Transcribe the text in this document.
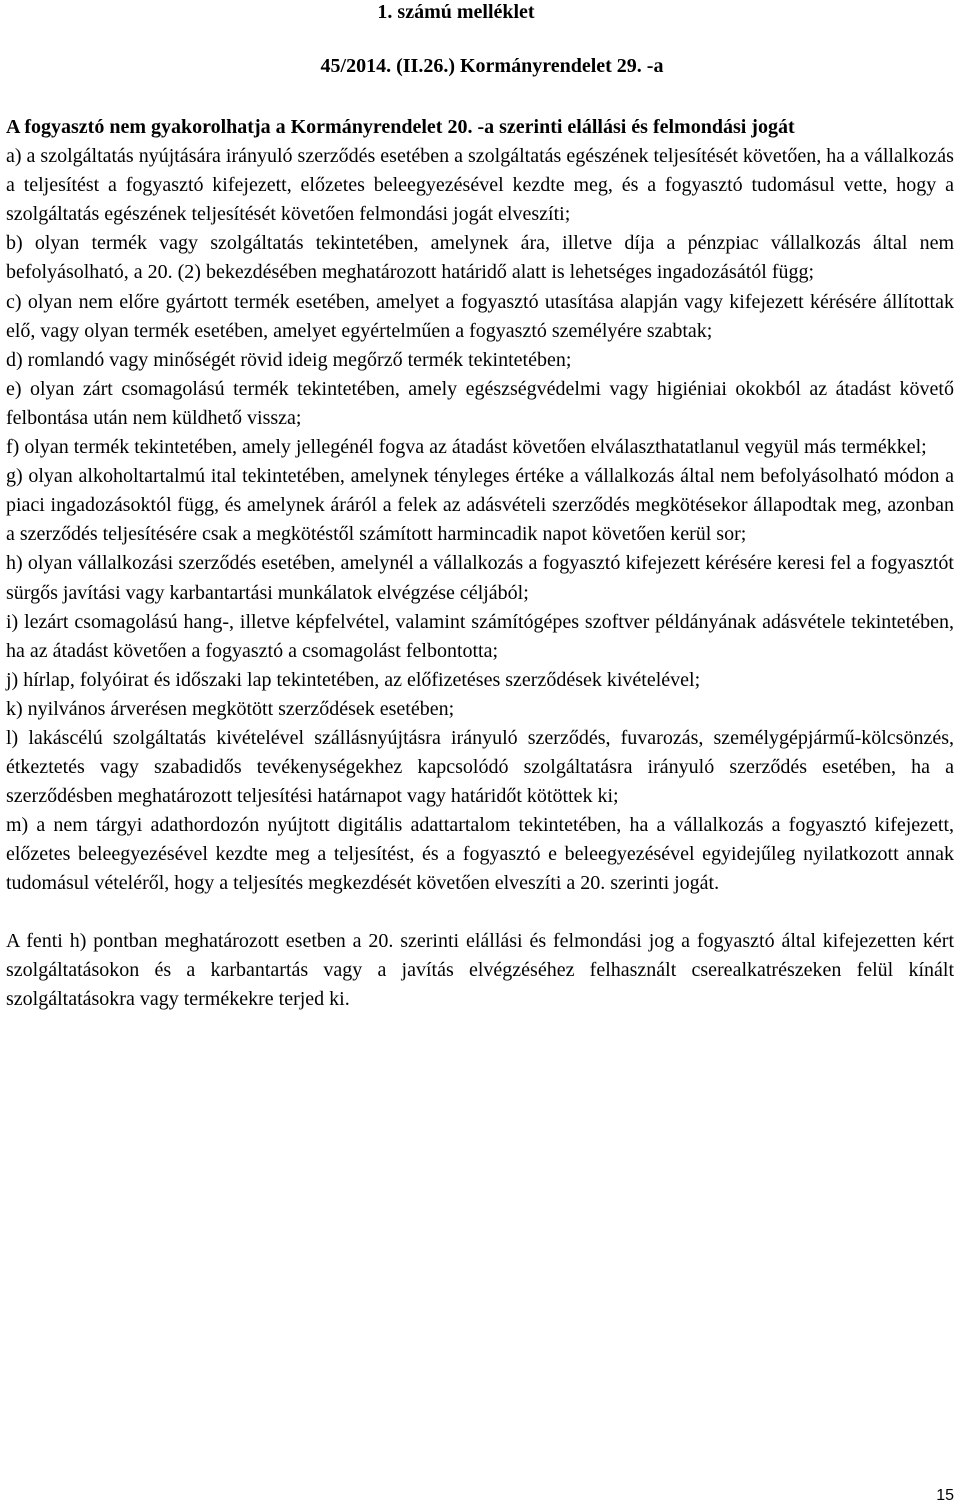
1. számú melléklet
45/2014. (II.26.) Kormányrendelet 29. -a

A fogyasztó nem gyakorolhatja a Kormányrendelet 20. -a szerinti elállási és felmondási jogát

a) a szolgáltatás nyújtására irányuló szerződés esetében a szolgáltatás egészének teljesítését követően, ha a vállalkozás

a teljesítést a fogyasztó kifejezett, előzetes beleegyezésével kezdte meg, és a fogyasztó tudomásul vette, hogy a szolgáltatás egészének teljesítését követően felmondási jogát elveszíti;

b) olyan termék vagy szolgáltatás tekintetében, amelynek ára, illetve díja a pénzpiac vállalkozás által nem befolyásolható, a 20. (2) bekezdésében meghatározott határidő alatt is lehetséges ingadozásától függ;

c) olyan nem előre gyártott termék esetében, amelyet a fogyasztó utasítása alapján vagy kifejezett kérésére állítottak elő, vagy olyan termék esetében, amelyet egyértelműen a fogyasztó személyére szabtak;

d) romlandó vagy minőségét rövid ideig megőrző termék tekintetében;

e) olyan zárt csomagolású termék tekintetében, amely egészségvédelmi vagy higiéniai okokból az átadást követő felbontása után nem küldhető vissza;

f) olyan termék tekintetében, amely jellegénél fogva az átadást követően elválaszthatatlanul vegyül más termékkel;

g) olyan alkoholtartalmú ital tekintetében, amelynek tényleges értéke a vállalkozás által nem befolyásolható módon a piaci ingadozásoktól függ, és amelynek áráról a felek az adásvételi szerződés megkötésekor állapodtak meg, azonban a szerződés teljesítésére csak a megkötéstől számított harmincadik napot követően kerül sor;

h) olyan vállalkozási szerződés esetében, amelynél a vállalkozás a fogyasztó kifejezett kérésére keresi fel a fogyasztót sürgős javítási vagy karbantartási munkálatok elvégzése céljából;

i) lezárt csomagolású hang-, illetve képfelvétel, valamint számítógépes szoftver példányának adásvétele tekintetében, ha az átadást követően a fogyasztó a csomagolást felbontotta;

j) hírlap, folyóirat és időszaki lap tekintetében, az előfizetéses szerződések kivételével;

k) nyilvános árverésen megkötött szerződések esetében;

l) lakáscélú szolgáltatás kivételével szállásnyújtásra irányuló szerződés, fuvarozás, személygépjármű-kölcsönzés, étkeztetés vagy szabadidős tevékenységekhez kapcsolódó szolgáltatásra irányuló szerződés esetében, ha a szerződésben meghatározott teljesítési határnapot vagy határidőt kötöttek ki;

m) a nem tárgyi adathordozón nyújtott digitális adattartalom tekintetében, ha a vállalkozás a fogyasztó kifejezett, előzetes beleegyezésével kezdte meg a teljesítést, és a fogyasztó e beleegyezésével egyidejűleg nyilatkozott annak tudomásul vételéről, hogy a teljesítés megkezdését követően elveszíti a 20. szerinti jogát.

A fenti h) pontban meghatározott esetben a 20. szerinti elállási és felmondási jog a fogyasztó által kifejezetten kért szolgáltatásokon és a karbantartás vagy a javítás elvégzéséhez felhasznált cserealkatrészeken felül kínált szolgáltatásokra vagy termékekre terjed ki.

15
